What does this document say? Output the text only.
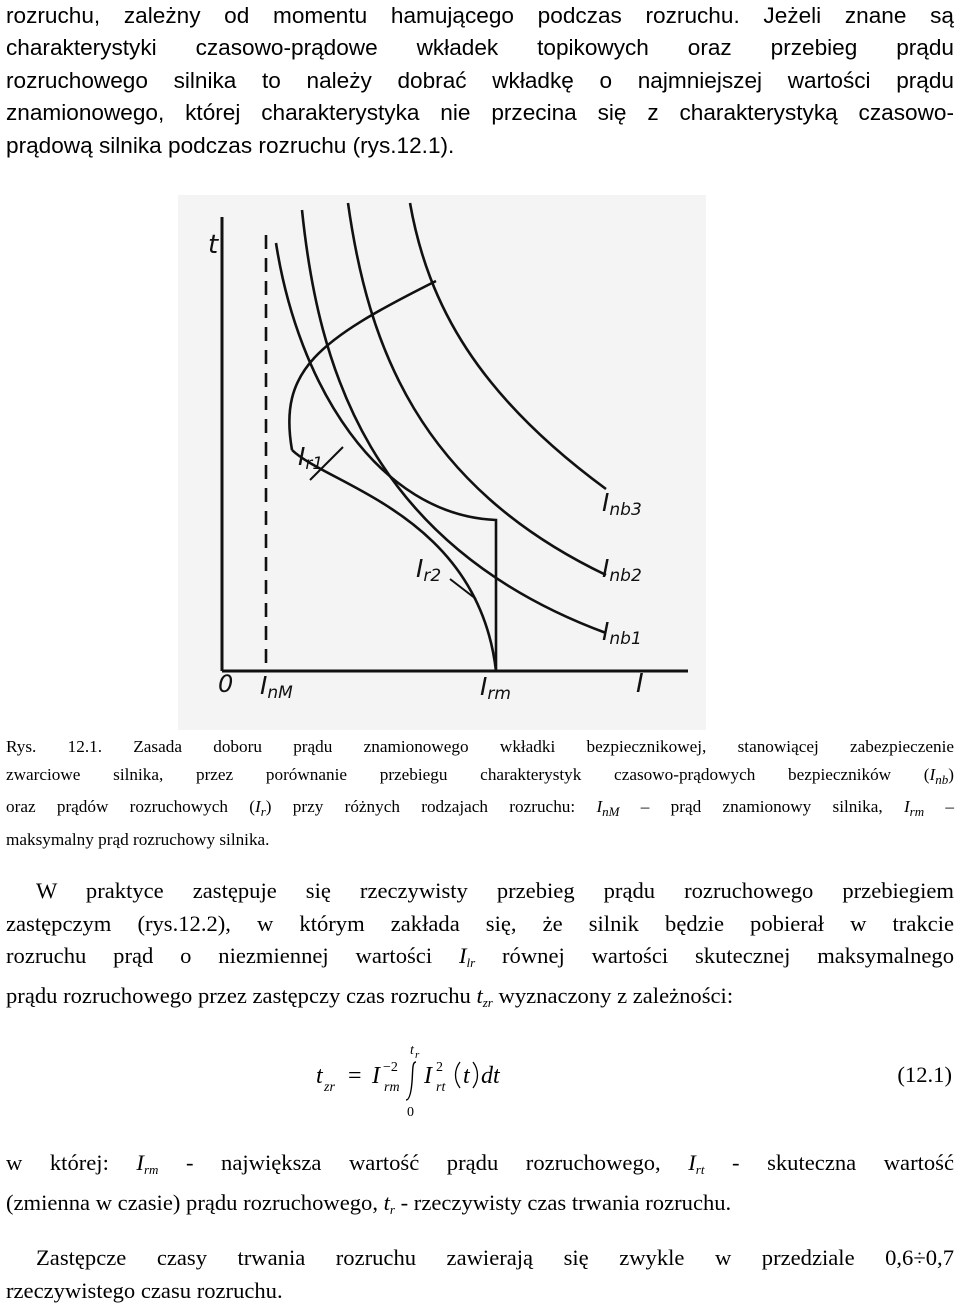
rozruchu, zależny od momentu hamującego podczas rozruchu. Jeżeli znane są
charakterystyki czasowo-prądowe wkładek topikowych oraz przebieg prądu
rozruchowego silnika to należy dobrać wkładkę o najmniejszej wartości prądu
znamionowego, której charakterystyka nie przecina się z charakterystyką czasowo-
prądową silnika podczas rozruchu (rys.12.1).
t
I
0 InM	Irm
Ir1
Ir2
Inb3
Inb2
Inb1
Rys. 12.1. Zasada doboru prądu znamionowego wkładki bezpiecznikowej, stanowiącej zabezpieczenie
zwarciowe silnika, przez porównanie przebiegu charakterystyk czasowo-prądowych bezpieczników $(I_{nb})$
oraz prądów rozruchowych $(I_r)$ przy różnych rodzajach rozruchu: $I_{nM}$ – prąd znamionowy silnika, $I_{rm}$ –
maksymalny prąd rozruchowy silnika.
W praktyce zastępuje się rzeczywisty przebieg prądu rozruchowego przebiegiem
zastępczym (rys.12.2), w którym zakłada się, że silnik będzie pobierał w trakcie
rozruchu prąd o niezmiennej wartości $I_{lr}$ równej wartości skutecznej maksymalnego
prądu rozruchowego przez zastępczy czas rozruchu $t_{zr}$ wyznaczony z zależności:
t zr = I −2
rm
t r
0
I 2
rt t dt	(12.1)
w której: $I_{rm}$ - największa wartość prądu rozruchowego, $I_{rt}$ - skuteczna wartość
(zmienna w czasie) prądu rozruchowego, $t_r$ - rzeczywisty czas trwania rozruchu.
Zastępcze czasy trwania rozruchu zawierają się zwykle w przedziale 0,6÷0,7
rzeczywistego czasu rozruchu.
